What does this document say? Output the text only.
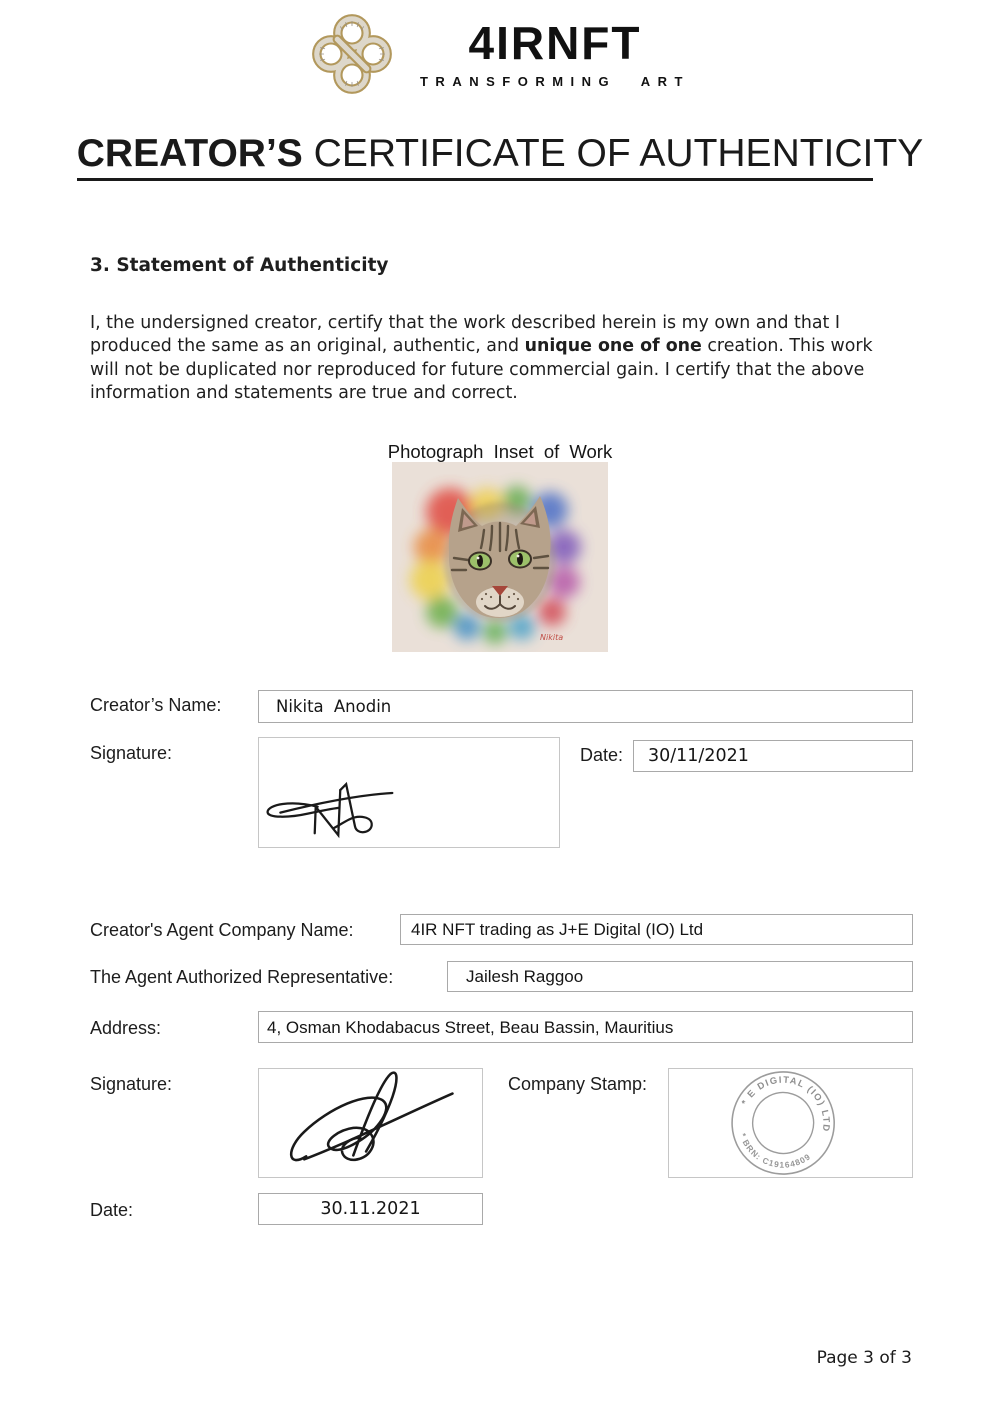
4IRNFT
TRANSFORMING ART
CREATOR’S CERTIFICATE OF AUTHENTICITY
3. Statement of Authenticity
I, the undersigned creator, certify that the work described herein is my own and that I produced the same as an original, authentic, and unique one of one creation. This work will not be duplicated nor reproduced for future commercial gain. I certify that the above information and statements are true and correct.
Photograph Inset of Work
Nikita
Creator’s Name:	Nikita Anodin
Signature:	Date:	30/11/2021
Creator's Agent Company Name:	4IR NFT trading as J+E Digital (IO) Ltd
The Agent Authorized Representative:	Jailesh Raggoo
Address:	4, Osman Khodabacus Street, Beau Bassin, Mauritius
Signature:	Company Stamp:
* E DIGITAL (IO) LTD
* BRN: C19164809
Date:	30.11.2021
Page 3 of 3
